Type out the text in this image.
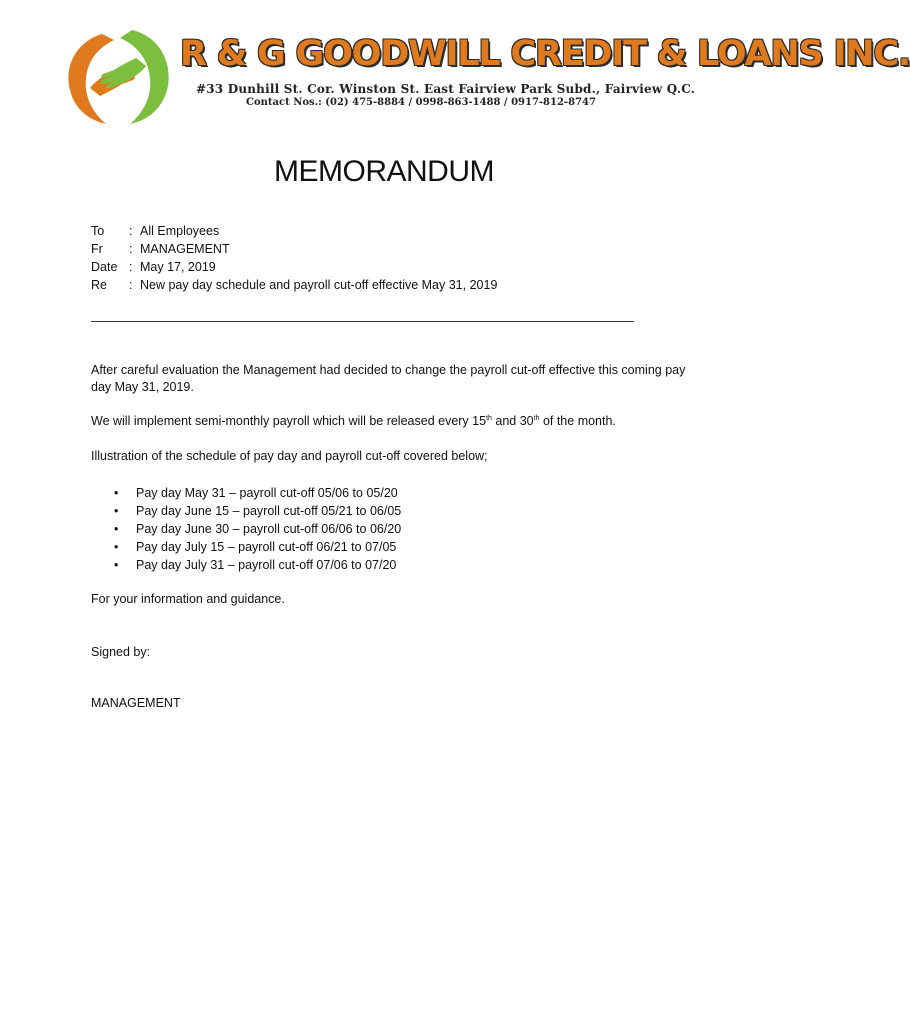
R & G GOODWILL CREDIT & LOANS INC.
#33 Dunhill St. Cor. Winston St. East Fairview Park Subd., Fairview Q.C.
Contact Nos.: (02) 475-8884 / 0998-863-1488 / 0917-812-8747
MEMORANDUM
To : All Employees
Fr : MANAGEMENT
Date : May 17, 2019
Re : New pay day schedule and payroll cut-off effective May 31, 2019
After careful evaluation the Management had decided to change the payroll cut-off effective this coming pay day May 31, 2019.
We will implement semi-monthly payroll which will be released every 15th and 30th of the month.
Illustration of the schedule of pay day and payroll cut-off covered below;
• Pay day May 31 – payroll cut-off 05/06 to 05/20
• Pay day June 15 – payroll cut-off 05/21 to 06/05
• Pay day June 30 – payroll cut-off 06/06 to 06/20
• Pay day July 15 – payroll cut-off 06/21 to 07/05
• Pay day July 31 – payroll cut-off 07/06 to 07/20
For your information and guidance.
Signed by:
MANAGEMENT
